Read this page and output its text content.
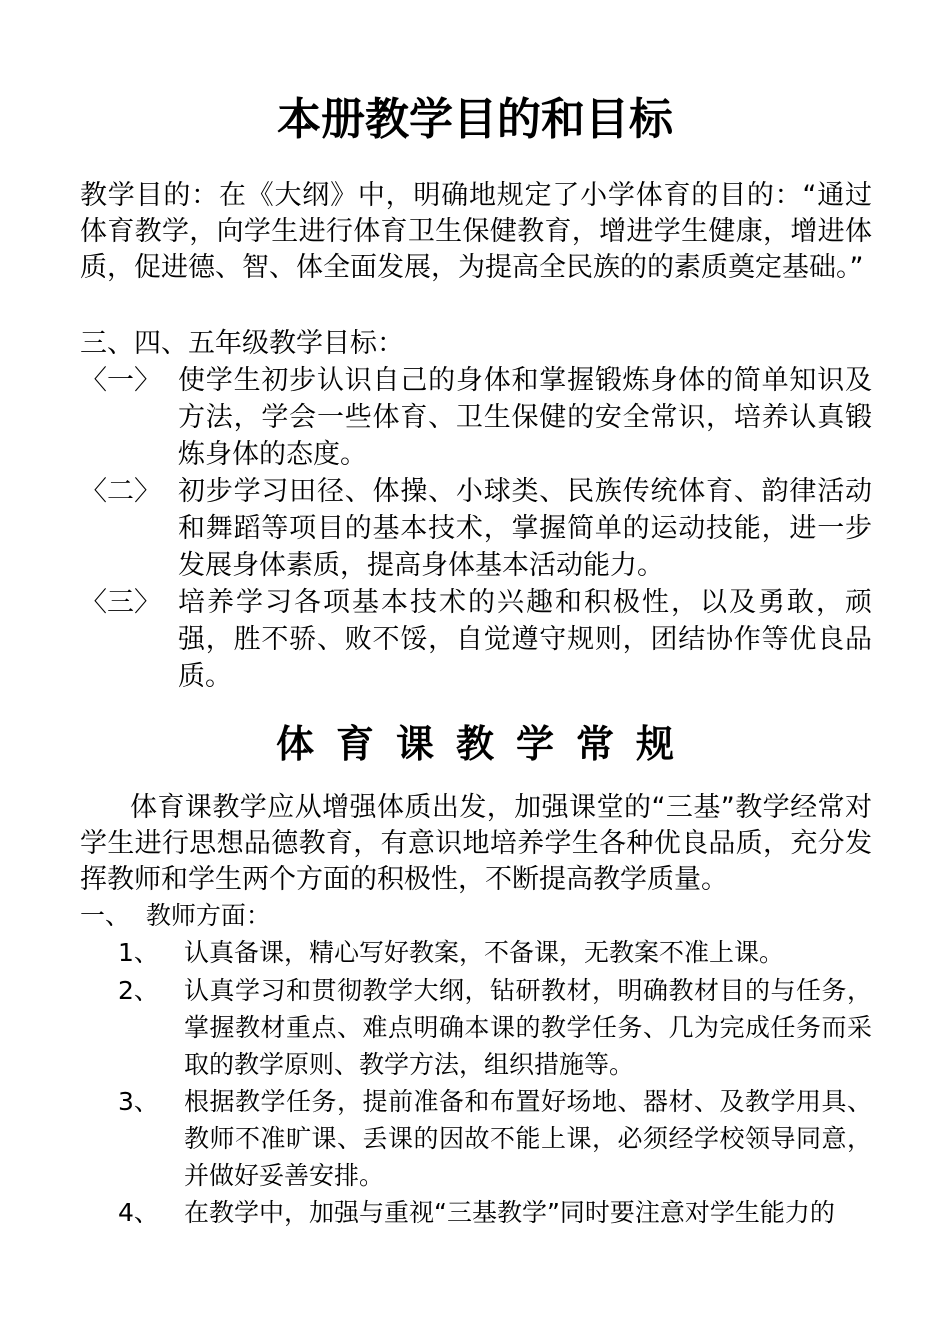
本册教学目的和目标
教学目的：在《大纲》中，明确地规定了小学体育的目的：“通过体育教学，向学生进行体育卫生保健教育，增进学生健康，增进体质，促进德、智、体全面发展，为提高全民族的的素质奠定基础。”
三、四、五年级教学目标：
〈一〉 使学生初步认识自己的身体和掌握锻炼身体的简单知识及方法，学会一些体育、卫生保健的安全常识，培养认真锻炼身体的态度。
〈二〉 初步学习田径、体操、小球类、民族传统体育、韵律活动和舞蹈等项目的基本技术，掌握简单的运动技能，进一步发展身体素质，提高身体基本活动能力。
〈三〉 培养学习各项基本技术的兴趣和积极性，以及勇敢，顽强，胜不骄、败不馁，自觉遵守规则，团结协作等优良品质。
体育课教学常规
体育课教学应从增强体质出发，加强课堂的“三基”教学经常对学生进行思想品德教育，有意识地培养学生各种优良品质，充分发挥教师和学生两个方面的积极性，不断提高教学质量。
一、  教师方面：
1、 认真备课，精心写好教案，不备课，无教案不准上课。
2、 认真学习和贯彻教学大纲，钻研教材，明确教材目的与任务，掌握教材重点、难点明确本课的教学任务、几为完成任务而采取的教学原则、教学方法，组织措施等。
3、 根据教学任务，提前准备和布置好场地、器材、及教学用具、教师不准旷课、丢课的因故不能上课，必须经学校领导同意，并做好妥善安排。
4、 在教学中，加强与重视“三基教学”同时要注意对学生能力的
